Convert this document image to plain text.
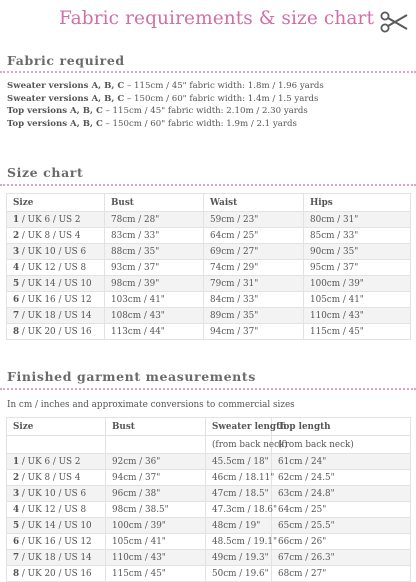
Fabric requirements & size chart
Fabric required
Sweater versions A, B, C – 115cm / 45" fabric width: 1.8m / 1.96 yards
Sweater versions A, B, C – 150cm / 60" fabric width: 1.4m / 1.5 yards
Top versions A, B, C – 115cm / 45" fabric width: 2.10m / 2.30 yards
Top versions A, B, C – 150cm / 60" fabric width: 1.9m / 2.1 yards
Size chart
Size	Bust	Waist	Hips
1 / UK 6 / US 2	78cm / 28"	59cm / 23"	80cm / 31"
2 / UK 8 / US 4	83cm / 33"	64cm / 25"	85cm / 33"
3 / UK 10 / US 6	88cm / 35"	69cm / 27"	90cm / 35"
4 / UK 12 / US 8	93cm / 37"	74cm / 29"	95cm / 37"
5 / UK 14 / US 10	98cm / 39"	79cm / 31"	100cm / 39"
6 / UK 16 / US 12	103cm / 41"	84cm / 33"	105cm / 41"
7 / UK 18 / US 14	108cm / 43"	89cm / 35"	110cm / 43"
8 / UK 20 / US 16	113cm / 44"	94cm / 37"	115cm / 45"
Finished garment measurements
In cm / inches and approximate conversions to commercial sizes
Size	Bust	Sweater length	Top length
		(from back neck)	(from back neck)
1 / UK 6 / US 2	92cm / 36"	45.5cm / 18"	61cm / 24"
2 / UK 8 / US 4	94cm / 37"	46cm / 18.11"	62cm / 24.5"
3 / UK 10 / US 6	96cm / 38"	47cm / 18.5"	63cm / 24.8"
4 / UK 12 / US 8	98cm / 38.5"	47.3cm / 18.6"	64cm / 25"
5 / UK 14 / US 10	100cm / 39"	48cm / 19"	65cm / 25.5"
6 / UK 16 / US 12	105cm / 41"	48.5cm / 19.1"	66cm / 26"
7 / UK 18 / US 14	110cm / 43"	49cm / 19.3"	67cm / 26.3"
8 / UK 20 / US 16	115cm / 45"	50cm / 19.6"	68cm / 27"
